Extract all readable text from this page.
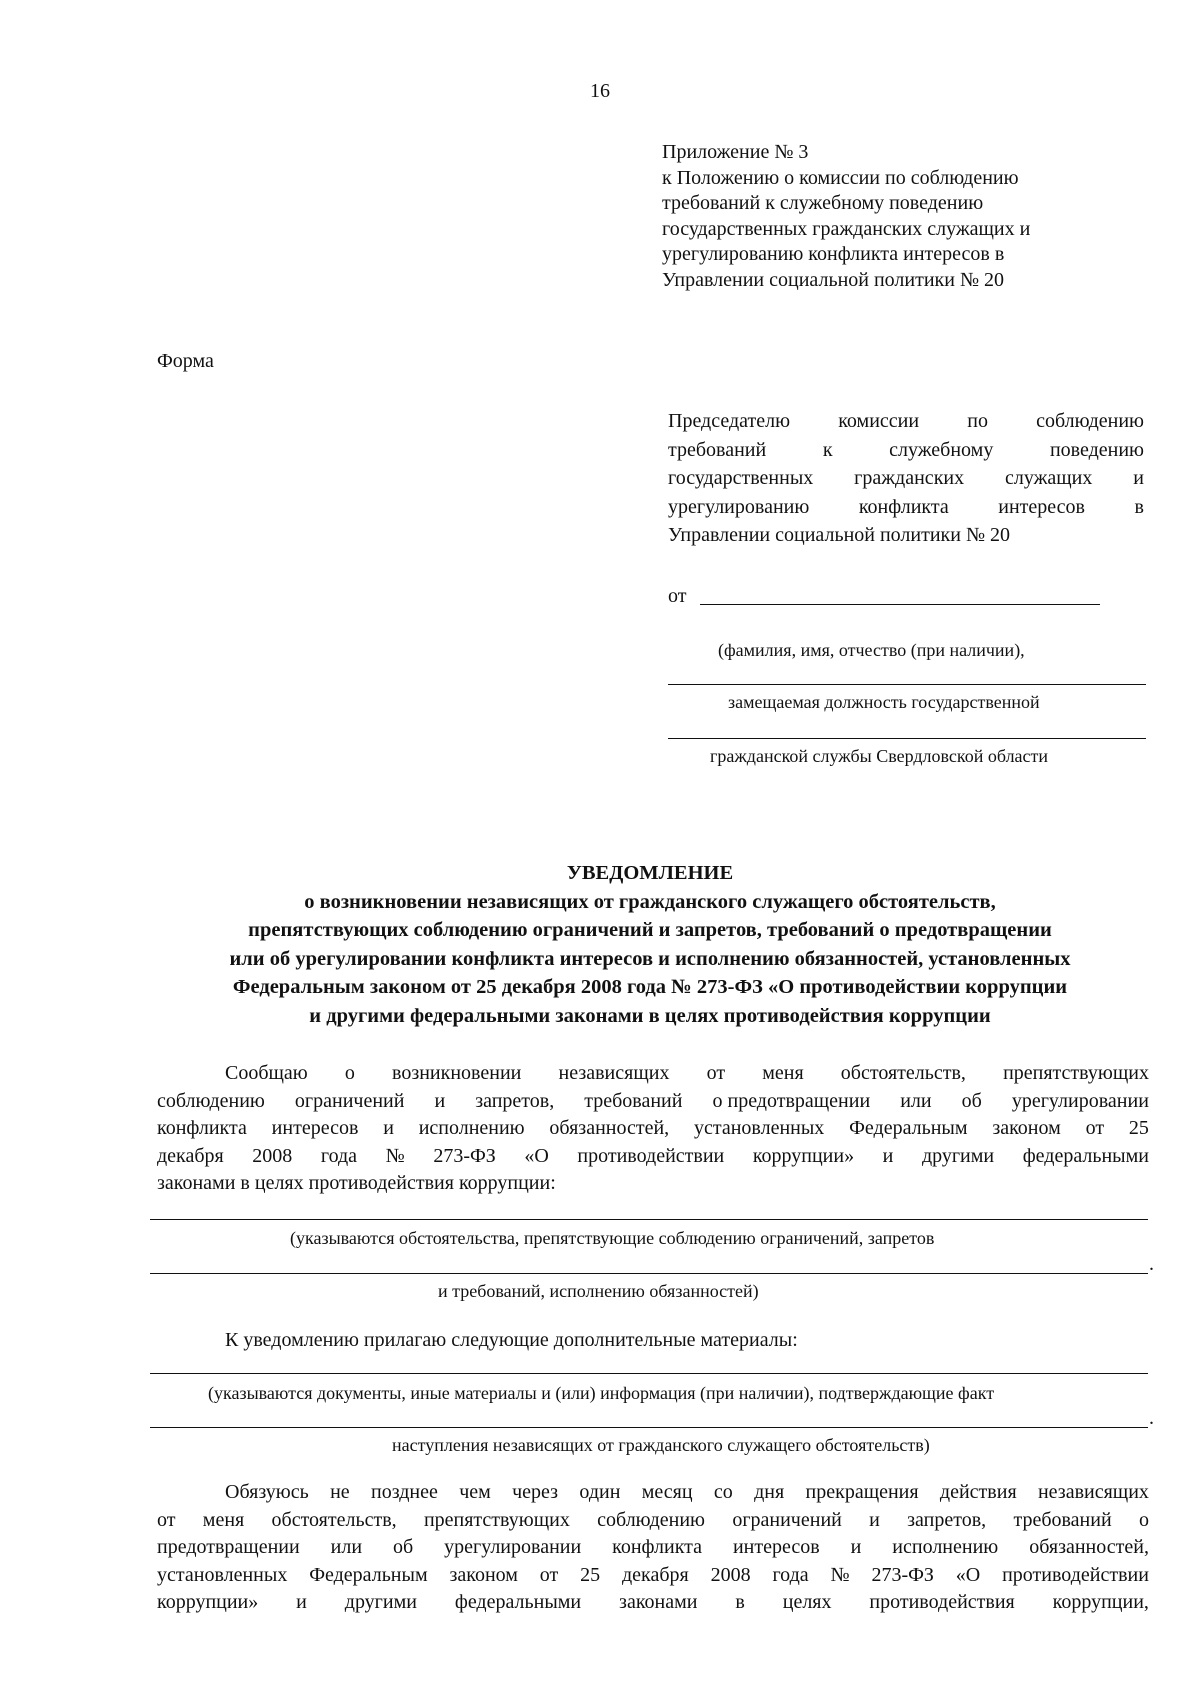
16
Приложение № 3
к Положению о комиссии по соблюдению
требований к служебному поведению
государственных гражданских служащих и
урегулированию конфликта интересов в
Управлении социальной политики № 20
Форма
Председателю комиссии по соблюдению
требований	к	служебному	поведению
государственных гражданских служащих и
урегулированию конфликта интересов в
Управлении социальной политики № 20
от
(фамилия, имя, отчество (при наличии),
замещаемая должность государственной
гражданской службы Свердловской области
УВЕДОМЛЕНИЕ
о возникновении независящих от гражданского служащего обстоятельств,
препятствующих соблюдению ограничений и запретов, требований о предотвращении
или об урегулировании конфликта интересов и исполнению обязанностей, установленных
Федеральным законом от 25 декабря 2008 года № 273-ФЗ «О противодействии коррупции
и другими федеральными законами в целях противодействия коррупции
Сообщаю о возникновении независящих от меня обстоятельств, препятствующих
соблюдению ограничений и запретов, требований о предотвращении или об урегулировании
конфликта интересов и исполнению обязанностей, установленных Федеральным законом от 25
декабря 2008 года № 273-ФЗ «О противодействии коррупции» и другими федеральными
законами в целях противодействия коррупции:
(указываются обстоятельства, препятствующие соблюдению ограничений, запретов
.
и требований, исполнению обязанностей)
К уведомлению прилагаю следующие дополнительные материалы:
(указываются документы, иные материалы и (или) информация (при наличии), подтверждающие факт
.
наступления независящих от гражданского служащего обстоятельств)
Обязуюсь не позднее чем через один месяц со дня прекращения действия независящих
от меня обстоятельств, препятствующих соблюдению ограничений и запретов, требований о
предотвращении или об урегулировании конфликта интересов и исполнению обязанностей,
установленных Федеральным законом от 25 декабря 2008 года № 273-ФЗ «О противодействии
коррупции» и другими федеральными законами в целях противодействия коррупции,
